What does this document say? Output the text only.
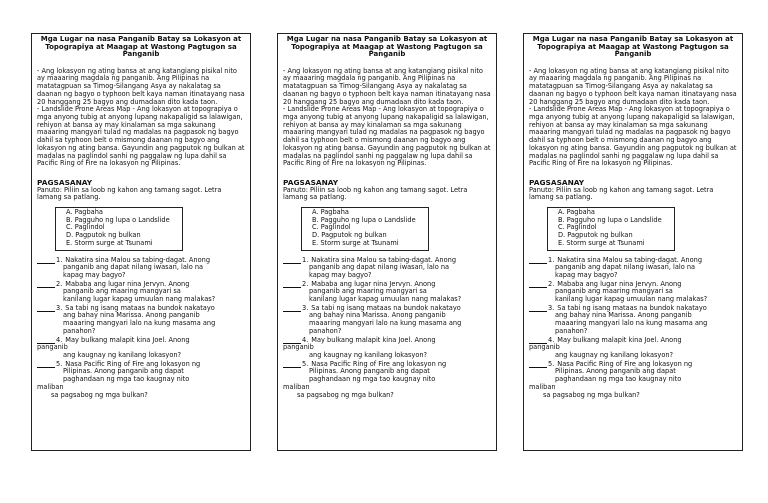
Mga Lugar na nasa Panganib Batay sa Lokasyon at Topograpiya at Maagap at Wastong Pagtugon sa Panganib

- Ang lokasyon ng ating bansa at ang katangiang pisikal nito ay maaaring magdala ng panganib. Ang Pilipinas na matatagpuan sa Timog-Silangang Asya ay nakalatag sa daanan ng bagyo o typhoon belt kaya naman itinatayang nasa 20 hanggang 25 bagyo ang dumadaan dito kada taon.

- Landslide Prone Areas Map - Ang lokasyon at topograpiya o mga anyong tubig at anyong lupang nakapaligid sa lalawigan, rehiyon at bansa ay may kinalaman sa mga sakunang maaaring mangyari tulad ng madalas na pagpasok ng bagyo dahil sa typhoon belt o mismong daanan ng bagyo ang lokasyon ng ating bansa. Gayundin ang pagputok ng bulkan at madalas na paglindol sanhi ng paggalaw ng lupa dahil sa Pacific Ring of Fire na lokasyon ng Pilipinas.

PAGSASANAY
Panuto: Piliin sa loob ng kahon ang tamang sagot. Letra lamang sa patlang.
A. Pagbaha
B. Pagguho ng lupa o Landslide
C. Paglindol
D. Pagputok ng bulkan
E. Storm surge at Tsunami
1. Nakatira sina Malou sa tabing-dagat. Anong
panganib ang dapat nilang iwasan, lalo na
kapag may bagyo?
2. Mababa ang lugar nina Jervyn. Anong
panganib ang maaring mangyari sa
kanilang lugar kapag umuulan nang malakas?
3. Sa tabi ng isang mataas na bundok nakatayo
ang bahay nina Marissa. Anong panganib
maaaring mangyari lalo na kung masama ang
panahon?
4. May bulkang malapit kina Joel. Anong
panganib
ang kaugnay ng kanilang lokasyon?
5. Nasa Pacific Ring of Fire ang lokasyon ng
Pilipinas. Anong panganib ang dapat
paghandaan ng mga tao kaugnay nito
maliban
sa pagsabog ng mga bulkan?
Mga Lugar na nasa Panganib Batay sa Lokasyon at Topograpiya at Maagap at Wastong Pagtugon sa Panganib

- Ang lokasyon ng ating bansa at ang katangiang pisikal nito ay maaaring magdala ng panganib. Ang Pilipinas na matatagpuan sa Timog-Silangang Asya ay nakalatag sa daanan ng bagyo o typhoon belt kaya naman itinatayang nasa 20 hanggang 25 bagyo ang dumadaan dito kada taon.

- Landslide Prone Areas Map - Ang lokasyon at topograpiya o mga anyong tubig at anyong lupang nakapaligid sa lalawigan, rehiyon at bansa ay may kinalaman sa mga sakunang maaaring mangyari tulad ng madalas na pagpasok ng bagyo dahil sa typhoon belt o mismong daanan ng bagyo ang lokasyon ng ating bansa. Gayundin ang pagputok ng bulkan at madalas na paglindol sanhi ng paggalaw ng lupa dahil sa Pacific Ring of Fire na lokasyon ng Pilipinas.

PAGSASANAY
Panuto: Piliin sa loob ng kahon ang tamang sagot. Letra lamang sa patlang.
A. Pagbaha
B. Pagguho ng lupa o Landslide
C. Paglindol
D. Pagputok ng bulkan
E. Storm surge at Tsunami
1. Nakatira sina Malou sa tabing-dagat. Anong
panganib ang dapat nilang iwasan, lalo na
kapag may bagyo?
2. Mababa ang lugar nina Jervyn. Anong
panganib ang maaring mangyari sa
kanilang lugar kapag umuulan nang malakas?
3. Sa tabi ng isang mataas na bundok nakatayo
ang bahay nina Marissa. Anong panganib
maaaring mangyari lalo na kung masama ang
panahon?
4. May bulkang malapit kina Joel. Anong
panganib
ang kaugnay ng kanilang lokasyon?
5. Nasa Pacific Ring of Fire ang lokasyon ng
Pilipinas. Anong panganib ang dapat
paghandaan ng mga tao kaugnay nito
maliban
sa pagsabog ng mga bulkan?
Mga Lugar na nasa Panganib Batay sa Lokasyon at Topograpiya at Maagap at Wastong Pagtugon sa Panganib

- Ang lokasyon ng ating bansa at ang katangiang pisikal nito ay maaaring magdala ng panganib. Ang Pilipinas na matatagpuan sa Timog-Silangang Asya ay nakalatag sa daanan ng bagyo o typhoon belt kaya naman itinatayang nasa 20 hanggang 25 bagyo ang dumadaan dito kada taon.

- Landslide Prone Areas Map - Ang lokasyon at topograpiya o mga anyong tubig at anyong lupang nakapaligid sa lalawigan, rehiyon at bansa ay may kinalaman sa mga sakunang maaaring mangyari tulad ng madalas na pagpasok ng bagyo dahil sa typhoon belt o mismong daanan ng bagyo ang lokasyon ng ating bansa. Gayundin ang pagputok ng bulkan at madalas na paglindol sanhi ng paggalaw ng lupa dahil sa Pacific Ring of Fire na lokasyon ng Pilipinas.

PAGSASANAY
Panuto: Piliin sa loob ng kahon ang tamang sagot. Letra lamang sa patlang.
A. Pagbaha
B. Pagguho ng lupa o Landslide
C. Paglindol
D. Pagputok ng bulkan
E. Storm surge at Tsunami
1. Nakatira sina Malou sa tabing-dagat. Anong
panganib ang dapat nilang iwasan, lalo na
kapag may bagyo?
2. Mababa ang lugar nina Jervyn. Anong
panganib ang maaring mangyari sa
kanilang lugar kapag umuulan nang malakas?
3. Sa tabi ng isang mataas na bundok nakatayo
ang bahay nina Marissa. Anong panganib
maaaring mangyari lalo na kung masama ang
panahon?
4. May bulkang malapit kina Joel. Anong
panganib
ang kaugnay ng kanilang lokasyon?
5. Nasa Pacific Ring of Fire ang lokasyon ng
Pilipinas. Anong panganib ang dapat
paghandaan ng mga tao kaugnay nito
maliban
sa pagsabog ng mga bulkan?
